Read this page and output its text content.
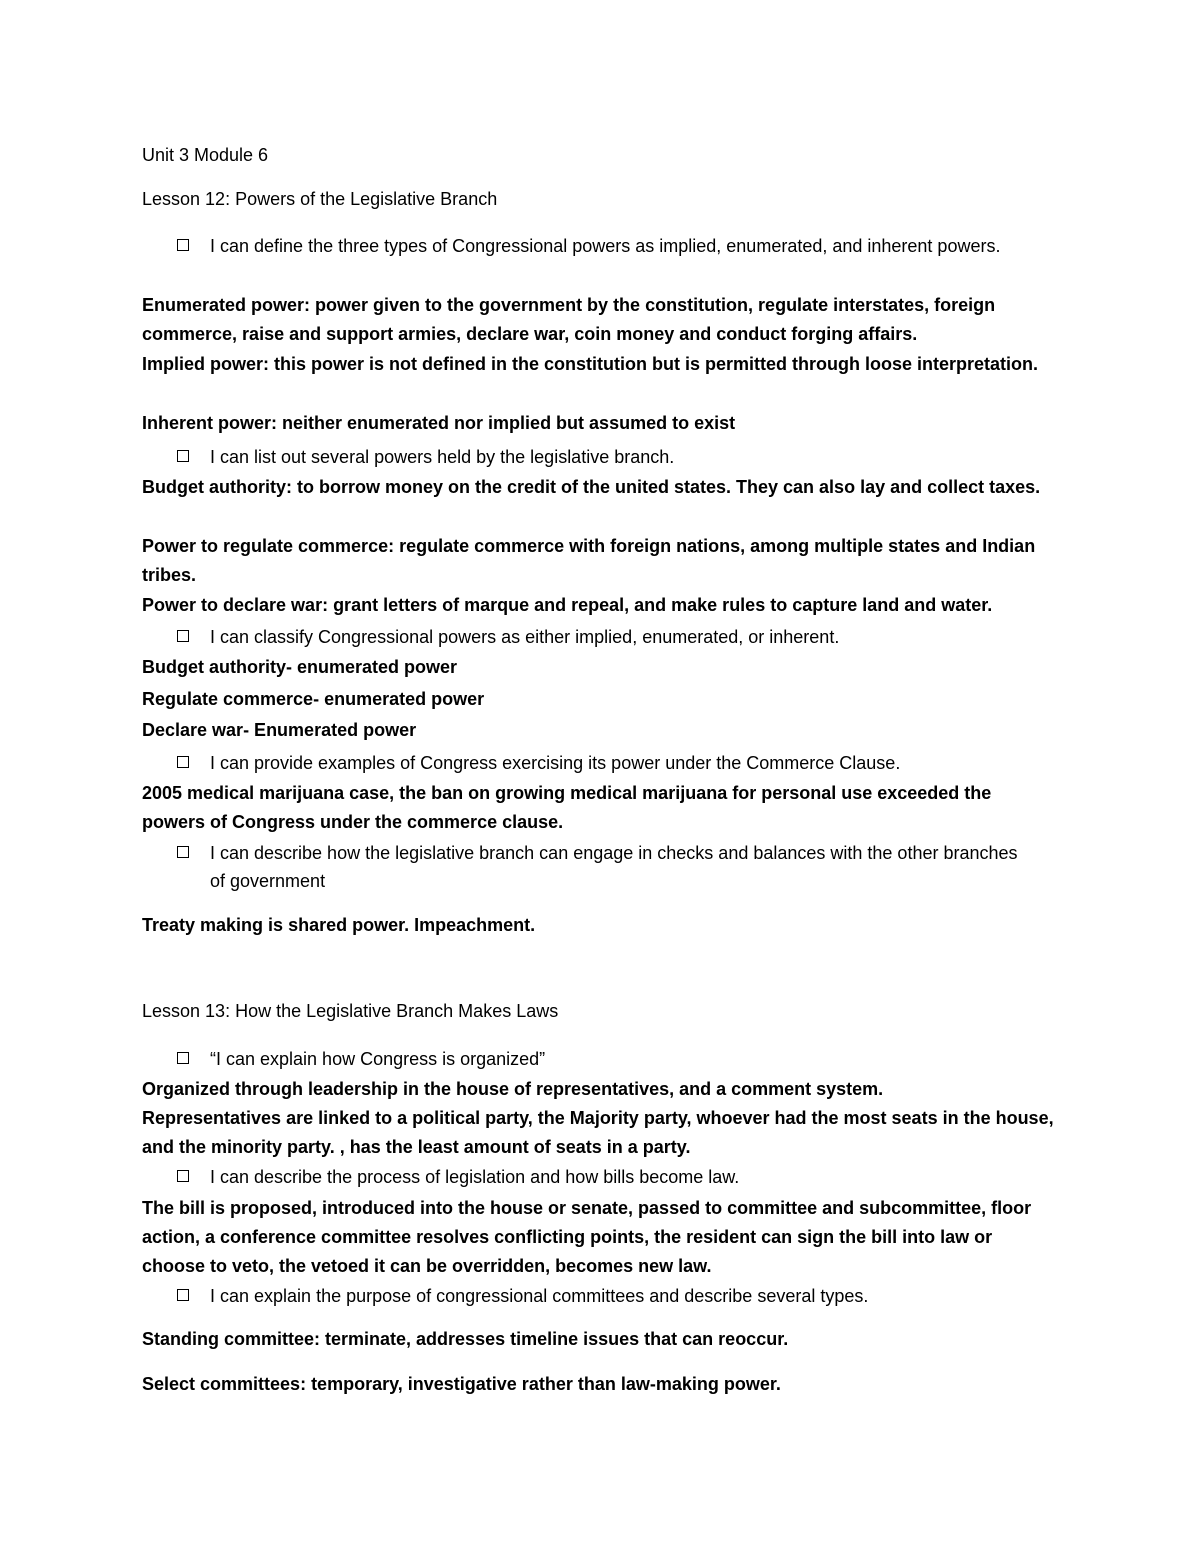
Unit 3 Module 6
Lesson 12: Powers of the Legislative Branch
I can define the three types of Congressional powers as implied, enumerated, and inherent powers.
Enumerated power: power given to the government by the constitution, regulate interstates, foreign commerce, raise and support armies, declare war, coin money and conduct forging affairs.
Implied power: this power is not defined in the constitution but is permitted through loose interpretation.
Inherent power: neither enumerated nor implied but assumed to exist
I can list out several powers held by the legislative branch.
Budget authority: to borrow money on the credit of the united states. They can also lay and collect taxes.
Power to regulate commerce: regulate commerce with foreign nations, among multiple states and Indian tribes.
Power to declare war: grant letters of marque and repeal, and make rules to capture land and water.
I can classify Congressional powers as either implied, enumerated, or inherent.
Budget authority- enumerated power
Regulate commerce- enumerated power
Declare war- Enumerated power
I can provide examples of Congress exercising its power under the Commerce Clause.
2005 medical marijuana case, the ban on growing medical marijuana for personal use exceeded the powers of Congress under the commerce clause.
I can describe how the legislative branch can engage in checks and balances with the other branches of government
Treaty making is shared power. Impeachment.
Lesson 13: How the Legislative Branch Makes Laws
“I can explain how Congress is organized”
Organized through leadership in the house of representatives, and a comment system.
Representatives are linked to a political party, the Majority party, whoever had the most seats in the house, and the minority party. , has the least amount of seats in a party.
I can describe the process of legislation and how bills become law.
The bill is proposed, introduced into the house or senate, passed to committee and subcommittee, floor action, a conference committee resolves conflicting points, the resident can sign the bill into law or choose to veto, the vetoed it can be overridden, becomes new law.
I can explain the purpose of congressional committees and describe several types.
Standing committee: terminate, addresses timeline issues that can reoccur.
Select committees: temporary, investigative rather than law-making power.
